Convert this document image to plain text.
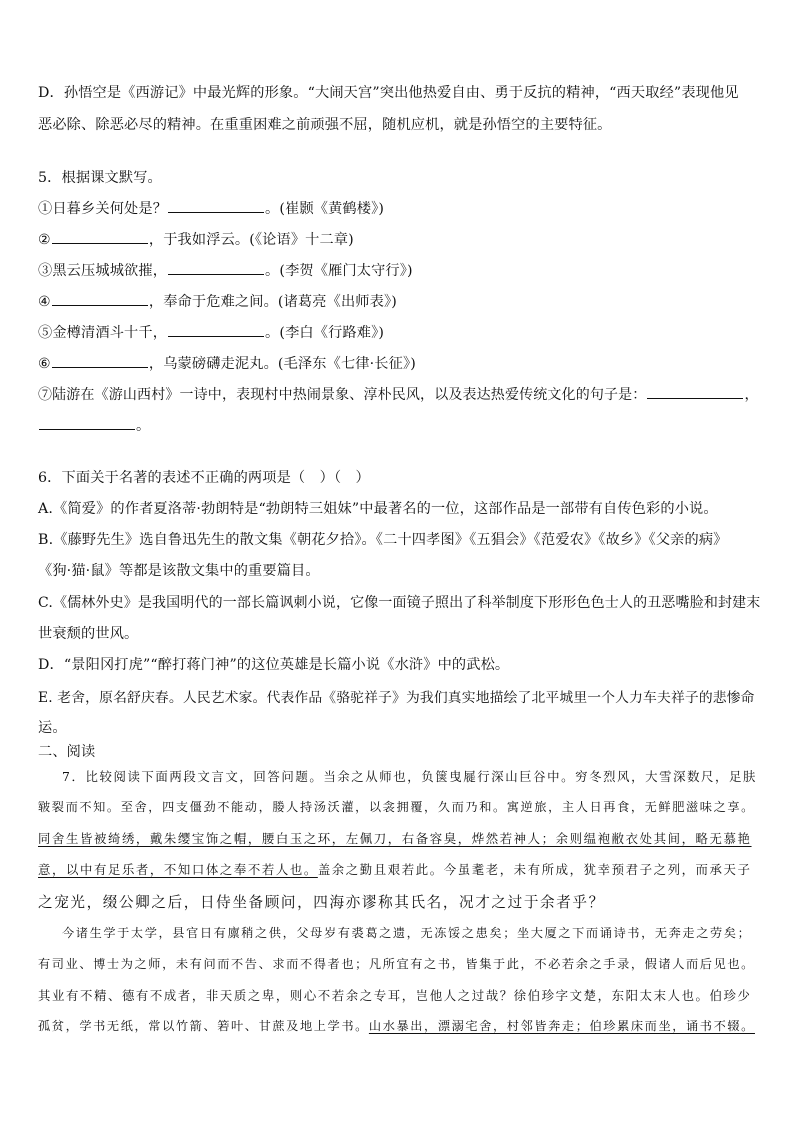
D．孙悟空是《西游记》中最光辉的形象。“大闹天宫”突出他热爱自由、勇于反抗的精神，“西天取经”表现他见
恶必除、除恶必尽的精神。在重重困难之前顽强不屈，随机应机，就是孙悟空的主要特征。
5．根据课文默写。
①日暮乡关何处是？	。(崔颢《黄鹤楼》)
②	，于我如浮云。(《论语》十二章)
③黑云压城城欲摧，	。(李贺《雁门太守行》)
④	，奉命于危难之间。(诸葛亮《出师表》)
⑤金樽清酒斗十千，	。(李白《行路难》)
⑥	，乌蒙磅礴走泥丸。(毛泽东《七律·长征》)
⑦陆游在《游山西村》一诗中，表现村中热闹景象、淳朴民风，以及表达热爱传统文化的句子是：	，
。
6．下面关于名著的表述不正确的两项是（　）（　）
A.《简爱》的作者夏洛蒂·勃朗特是“勃朗特三姐妹”中最著名的一位，这部作品是一部带有自传色彩的小说。
B.《藤野先生》选自鲁迅先生的散文集《朝花夕拾》。《二十四孝图》《五猖会》《范爱农》《故乡》《父亲的病》
《狗·猫·鼠》等都是该散文集中的重要篇目。
C.《儒林外史》是我国明代的一部长篇讽刺小说，它像一面镜子照出了科举制度下形形色色士人的丑恶嘴脸和封建末
世衰颓的世风。
D．“景阳冈打虎”“醉打蒋门神”的这位英雄是长篇小说《水浒》中的武松。
E. 老舍，原名舒庆春。人民艺术家。代表作品《骆驼祥子》为我们真实地描绘了北平城里一个人力车夫祥子的悲惨命
运。
二、阅读
7．比较阅读下面两段文言文，回答问题。当余之从师也，负箧曳屣行深山巨谷中。穷冬烈风，大雪深数尺，足肤
皲裂而不知。至舍，四支僵劲不能动，媵人持汤沃灌，以衾拥覆，久而乃和。寓逆旅，主人日再食，无鲜肥滋味之享。
同舍生皆被绮绣，戴朱缨宝饰之帽，腰白玉之环，左佩刀，右备容臭，烨然若神人；余则缊袍敝衣处其间，略无慕艳
意，以中有足乐者，不知口体之奉不若人也。盖余之勤且艰若此。今虽耄老，未有所成，犹幸预君子之列，而承天子
之宠光，缀公卿之后，日侍坐备顾问，四海亦谬称其氏名，况才之过于余者乎？
今诸生学于太学，县官日有廪稍之供，父母岁有裘葛之遗，无冻馁之患矣；坐大厦之下而诵诗书，无奔走之劳矣；
有司业、博士为之师，未有问而不告、求而不得者也；凡所宜有之书，皆集于此，不必若余之手录，假诸人而后见也。
其业有不精、德有不成者，非天质之卑，则心不若余之专耳，岂他人之过哉？徐伯珍字文楚，东阳太末人也。伯珍少
孤贫，学书无纸，常以竹箭、箬叶、甘蔗及地上学书。山水暴出，漂溺宅舍，村邻皆奔走；伯珍累床而坐，诵书不辍。
